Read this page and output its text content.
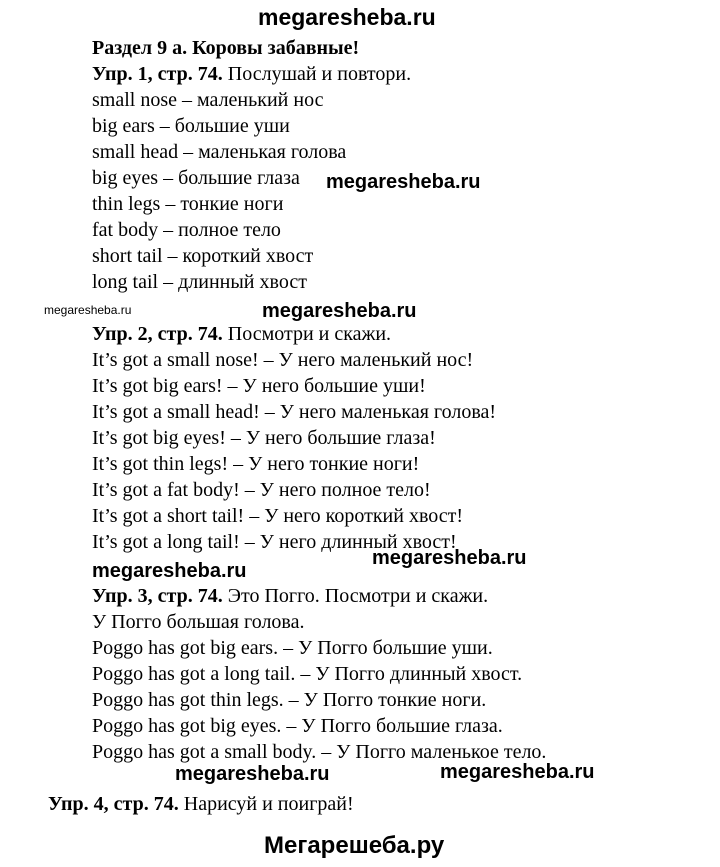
megaresheba.ru
Раздел 9 а. Коровы забавные!
Упр. 1, стр. 74. Послушай и повтори.
small nose – маленький нос
big ears – большие уши
small head – маленькая голова
big eyes – большие глаза
thin legs – тонкие ноги
fat body – полное тело
short tail – короткий хвост
long tail – длинный хвост
Упр. 2, стр. 74. Посмотри и скажи.
It’s got a small nose! – У него маленький нос!
It’s got big ears! – У него большие уши!
It’s got a small head! – У него маленькая голова!
It’s got big eyes! – У него большие глаза!
It’s got thin legs! – У него тонкие ноги!
It’s got a fat body! – У него полное тело!
It’s got a short tail! – У него короткий хвост!
It’s got a long tail! – У него длинный хвост!
Упр. 3, стр. 74. Это Погго. Посмотри и скажи.
У Погго большая голова.
Poggo has got big ears. – У Погго большие уши.
Poggo has got a long tail. – У Погго длинный хвост.
Poggo has got thin legs. – У Погго тонкие ноги.
Poggo has got big eyes. – У Погго большие глаза.
Poggo has got a small body. – У Погго маленькое тело.
Упр. 4, стр. 74. Нарисуй и поиграй!
megaresheba.ru
megaresheba.ru	megaresheba.ru
megaresheba.ru
megaresheba.ru
megaresheba.ru	megaresheba.ru
Мегарешеба.ру
